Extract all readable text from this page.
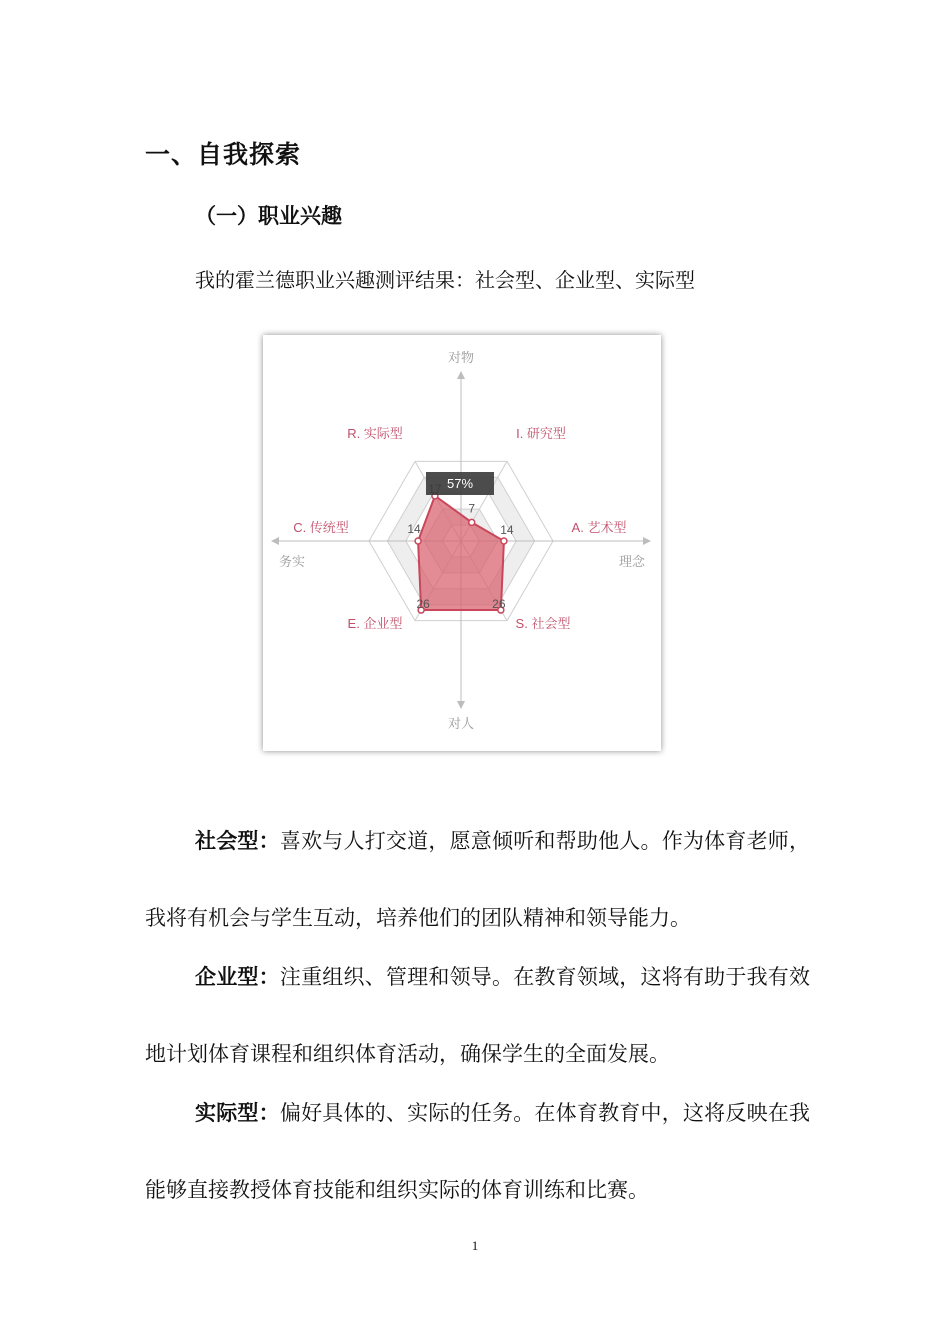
一、自我探索
（一）职业兴趣
我的霍兰德职业兴趣测评结果：社会型、企业型、实际型
对物
对人
务实	理念
R. 实际型	I. 研究型
A. 艺术型
S. 社会型
E. 企业型
C. 传统型
7
14
26
26
14
57%
社会型：喜欢与人打交道，愿意倾听和帮助他人。作为体育老师，我将有机会与学生互动，培养他们的团队精神和领导能力。
企业型：注重组织、管理和领导。在教育领域，这将有助于我有效地计划体育课程和组织体育活动，确保学生的全面发展。
实际型：偏好具体的、实际的任务。在体育教育中，这将反映在我能够直接教授体育技能和组织实际的体育训练和比赛。
1
